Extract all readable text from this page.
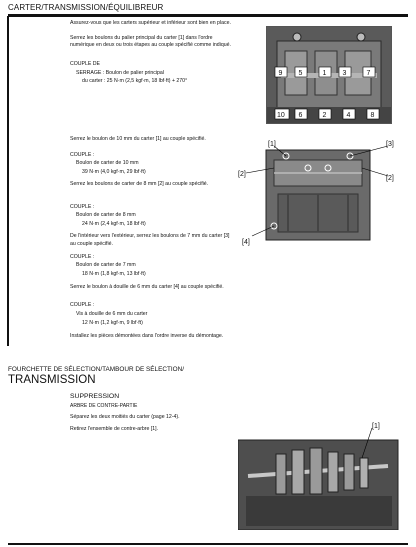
CARTER/TRANSMISSION/ÉQUILIBREUR
Assurez-vous que les carters supérieur et inférieur sont bien en place.
Serrez les boulons du palier principal du carter [1] dans l'ordre
numérique en deux ou trois étapes au couple spécifié comme indiqué.
COUPLE DE
SERRAGE : Boulon de palier principal
du carter : 25 N·m (2,5 kgf·m, 18 lbf·ft) + 270°
Serrez le boulon de 10 mm du carter [1] au couple spécifié.
COUPLE :
Boulon de carter de 10 mm
39 N·m (4,0 kgf·m, 29 lbf·ft)
Serrez les boulons de carter de 8 mm [2] au couple spécifié.
COUPLE :
Boulon de carter de 8 mm
24 N·m (2,4 kgf·m, 18 lbf·ft)
De l'intérieur vers l'extérieur, serrez les boulons de 7 mm du carter [3]
au couple spécifié.
COUPLE :
Boulon de carter de 7 mm
18 N·m (1,8 kgf·m, 13 lbf·ft)
Serrez le boulon à douille de 6 mm du carter [4] au couple spécifié.
COUPLE :
Vis à douille de 6 mm du carter
12 N·m (1,2 kgf·m, 9 lbf·ft)
Installez les pièces démontées dans l'ordre inverse du démontage.
9 5	1 3	7
10 6	2	4	8
[1]	[3]
[2]
[2]
[4]
FOURCHETTE DE SÉLECTION/TAMBOUR DE SÉLECTION/
TRANSMISSION
SUPPRESSION
ARBRE DE CONTRE-PARTIE
Séparez les deux moitiés du carter (page 12-4).
Retirez l'ensemble de contre-arbre [1].	[1]
